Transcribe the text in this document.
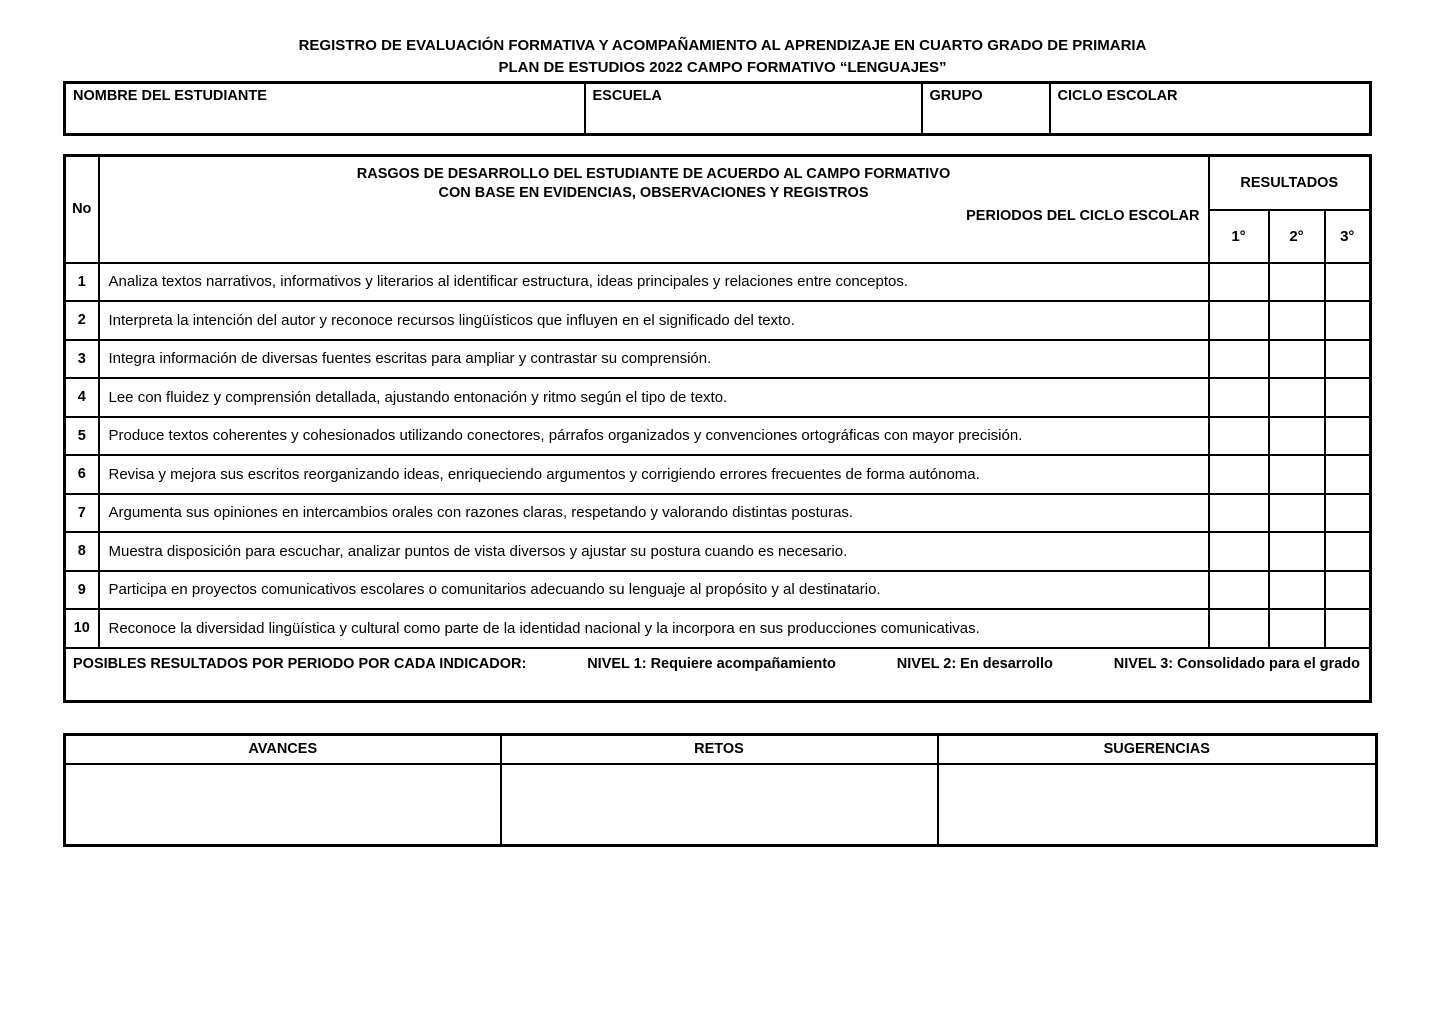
REGISTRO DE EVALUACIÓN FORMATIVA Y ACOMPAÑAMIENTO AL APRENDIZAJE EN CUARTO GRADO DE PRIMARIA
PLAN DE ESTUDIOS 2022 CAMPO FORMATIVO “LENGUAJES”
NOMBRE DEL ESTUDIANTE	ESCUELA	GRUPO	CICLO ESCOLAR
No	RASGOS DE DESARROLLO DEL ESTUDIANTE DE ACUERDO AL CAMPO FORMATIVO
CON BASE EN EVIDENCIAS, OBSERVACIONES Y REGISTROS
PERIODOS DEL CICLO ESCOLAR	RESULTADOS		
		1°	2°	3°
1	Analiza textos narrativos, informativos y literarios al identificar estructura, ideas principales y relaciones entre conceptos.			
2	Interpreta la intención del autor y reconoce recursos lingüísticos que influyen en el significado del texto.			
3	Integra información de diversas fuentes escritas para ampliar y contrastar su comprensión.			
4	Lee con fluidez y comprensión detallada, ajustando entonación y ritmo según el tipo de texto.			
5	Produce textos coherentes y cohesionados utilizando conectores, párrafos organizados y convenciones ortográficas con mayor precisión.			
6	Revisa y mejora sus escritos reorganizando ideas, enriqueciendo argumentos y corrigiendo errores frecuentes de forma autónoma.			
7	Argumenta sus opiniones en intercambios orales con razones claras, respetando y valorando distintas posturas.			
8	Muestra disposición para escuchar, analizar puntos de vista diversos y ajustar su postura cuando es necesario.			
9	Participa en proyectos comunicativos escolares o comunitarios adecuando su lenguaje al propósito y al destinatario.			
10	Reconoce la diversidad lingüística y cultural como parte de la identidad nacional y la incorpora en sus producciones comunicativas.			

POSIBLES RESULTADOS POR PERIODO POR CADA INDICADOR: NIVEL 1: Requiere acompañamiento NIVEL 2: En desarrollo NIVEL 3: Consolidado para el grado				
AVANCES	RETOS	SUGERENCIAS
